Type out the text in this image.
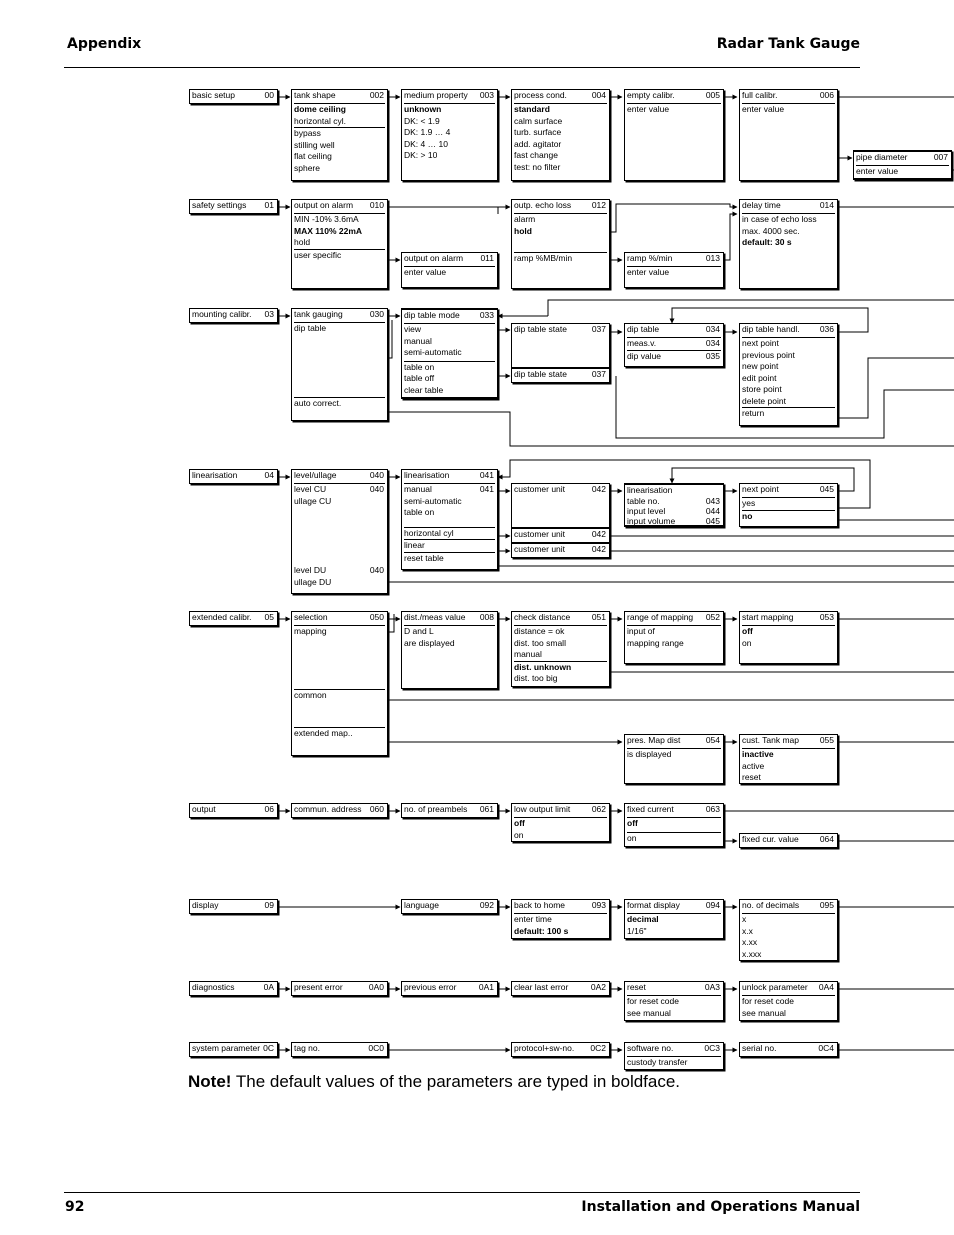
Appendix	Radar Tank Gauge
basic setup	00 tank shape	002
dome ceiling
horizontal cyl.
bypass
stilling well
flat ceiling
sphere
medium property 003
unknown
DK: < 1.9
DK: 1.9 … 4
DK: 4 … 10
DK: > 10
process cond.	004
standard
calm surface
turb. surface
add. agitator
fast change
test: no filter
empty calibr.	005
enter value
full calibr.	006
enter value
pipe diameter	007
enter value
safety settings 01 output on alarm 010
MIN -10% 3.6mA
MAX 110% 22mA
hold
user specific	output on alarm 011
enter value
outp. echo loss 012
alarm
hold
ramp %MB/min	ramp %/min	013
enter value
delay time	014
in case of echo loss
max. 4000 sec.
default: 30 s
mounting calibr. 03 tank gauging	030
dip table
auto correct.
dip table mode 033
view
manual
semi-automatic
table on
table off
clear table
dip table state	037
dip table state	037
dip table	034
meas.v.	034
dip value	035
dip table handl. 036
next point
previous point
new point
edit point
store point
delete point
return
linearisation	04 level/ullage	040
level CU	040
ullage CU
level DU	040
ullage DU
linearisation	041
manual	041
semi-automatic
table on
horizontal cyl
linear
reset table
customer unit	042
customer unit	042
customer unit	042
linearisation
table no.	043
input level	044
input volume	045
next point	045
yes
no
extended calibr. 05 selection	050
mapping
common
extended map..
dist./meas value 008
D and L
are displayed
check distance	051
distance = ok
dist. too small
manual
dist. unknown
dist. too big
range of mapping 052
input of
mapping range
start mapping	053
off
on
pres. Map dist	054
is displayed
cust. Tank map 055
inactive
active
reset
output	06 commun. address 060 no. of preambels 061 low output limit	062
off
on
fixed current	063
off
on	fixed cur. value 064
display	09	language	092 back to home	093
enter time
default: 100 s
format display	094
decimal
1/16"
no. of decimals 095
x
x.x
x.xx
x.xxx
diagnostics	0A present error	0A0 previous error	0A1 clear last error	0A2 reset	0A3
for reset code
see manual
unlock parameter 0A4
for reset code
see manual
system parameter 0C tag no.	0C0	protocol+sw-no. 0C2 software no.	0C3
custody transfer
serial no.	0C4
Note! The default values of the parameters are typed in boldface.
92	Installation and Operations Manual
